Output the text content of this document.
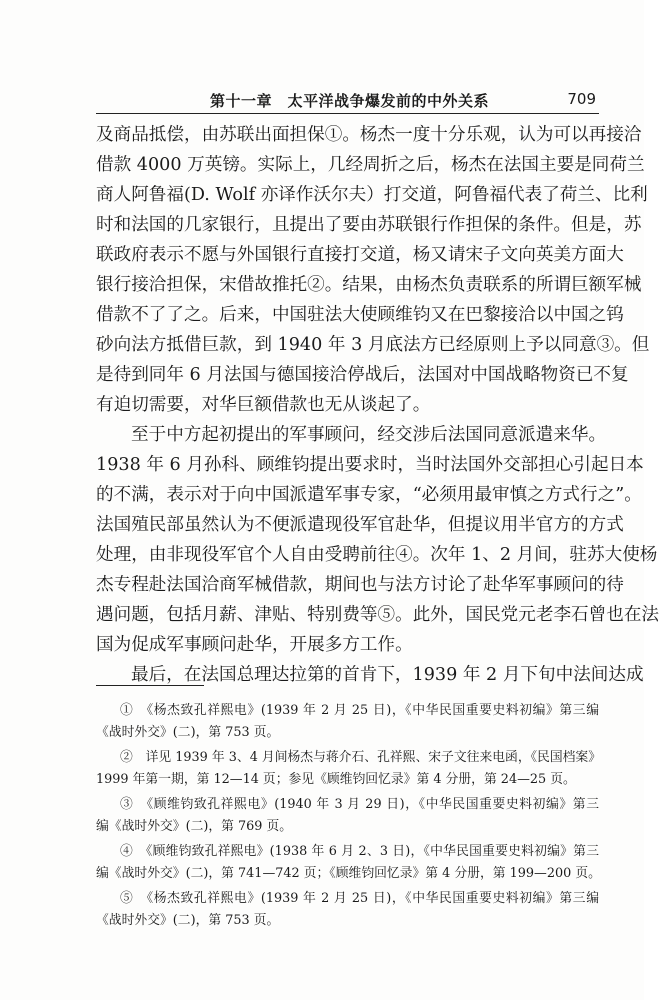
第十一章　太平洋战争爆发前的中外关系	709
及商品抵偿，由苏联出面担保①。杨杰一度十分乐观，认为可以再接洽
借款 4000 万英镑。实际上，几经周折之后，杨杰在法国主要是同荷兰
商人阿鲁福(D. Wolf 亦译作沃尔夫）打交道，阿鲁福代表了荷兰、比利
时和法国的几家银行，且提出了要由苏联银行作担保的条件。但是，苏
联政府表示不愿与外国银行直接打交道，杨又请宋子文向英美方面大
银行接洽担保，宋借故推托②。结果，由杨杰负责联系的所谓巨额军械
借款不了了之。后来，中国驻法大使顾维钧又在巴黎接洽以中国之钨
砂向法方抵借巨款，到 1940 年 3 月底法方已经原则上予以同意③。但
是待到同年 6 月法国与德国接洽停战后，法国对中国战略物资已不复
有迫切需要，对华巨额借款也无从谈起了。
至于中方起初提出的军事顾问，经交涉后法国同意派遣来华。
1938 年 6 月孙科、顾维钧提出要求时，当时法国外交部担心引起日本
的不满，表示对于向中国派遣军事专家，“必须用最审慎之方式行之”。
法国殖民部虽然认为不便派遣现役军官赴华，但提议用半官方的方式
处理，由非现役军官个人自由受聘前往④。次年 1、2 月间，驻苏大使杨
杰专程赴法国洽商军械借款，期间也与法方讨论了赴华军事顾问的待
遇问题，包括月薪、津贴、特别费等⑤。此外，国民党元老李石曾也在法
国为促成军事顾问赴华，开展多方工作。
最后，在法国总理达拉第的首肯下，1939 年 2 月下旬中法间达成
①　《杨杰致孔祥熙电》(1939 年 2 月 25 日)，《中华民国重要史料初编》第三编
《战时外交》(二)，第 753 页。
②　详见 1939 年 3、4 月间杨杰与蒋介石、孔祥熙、宋子文往来电函，《民国档案》
1999 年第一期，第 12—14 页；参见《顾维钧回忆录》第 4 分册，第 24—25 页。
③　《顾维钧致孔祥熙电》(1940 年 3 月 29 日)，《中华民国重要史料初编》第三
编《战时外交》(二)，第 769 页。
④　《顾维钧致孔祥熙电》(1938 年 6 月 2、3 日)，《中华民国重要史料初编》第三
编《战时外交》(二)，第 741—742 页；《顾维钧回忆录》第 4 分册，第 199—200 页。
⑤　《杨杰致孔祥熙电》(1939 年 2 月 25 日)，《中华民国重要史料初编》第三编
《战时外交》(二)，第 753 页。
